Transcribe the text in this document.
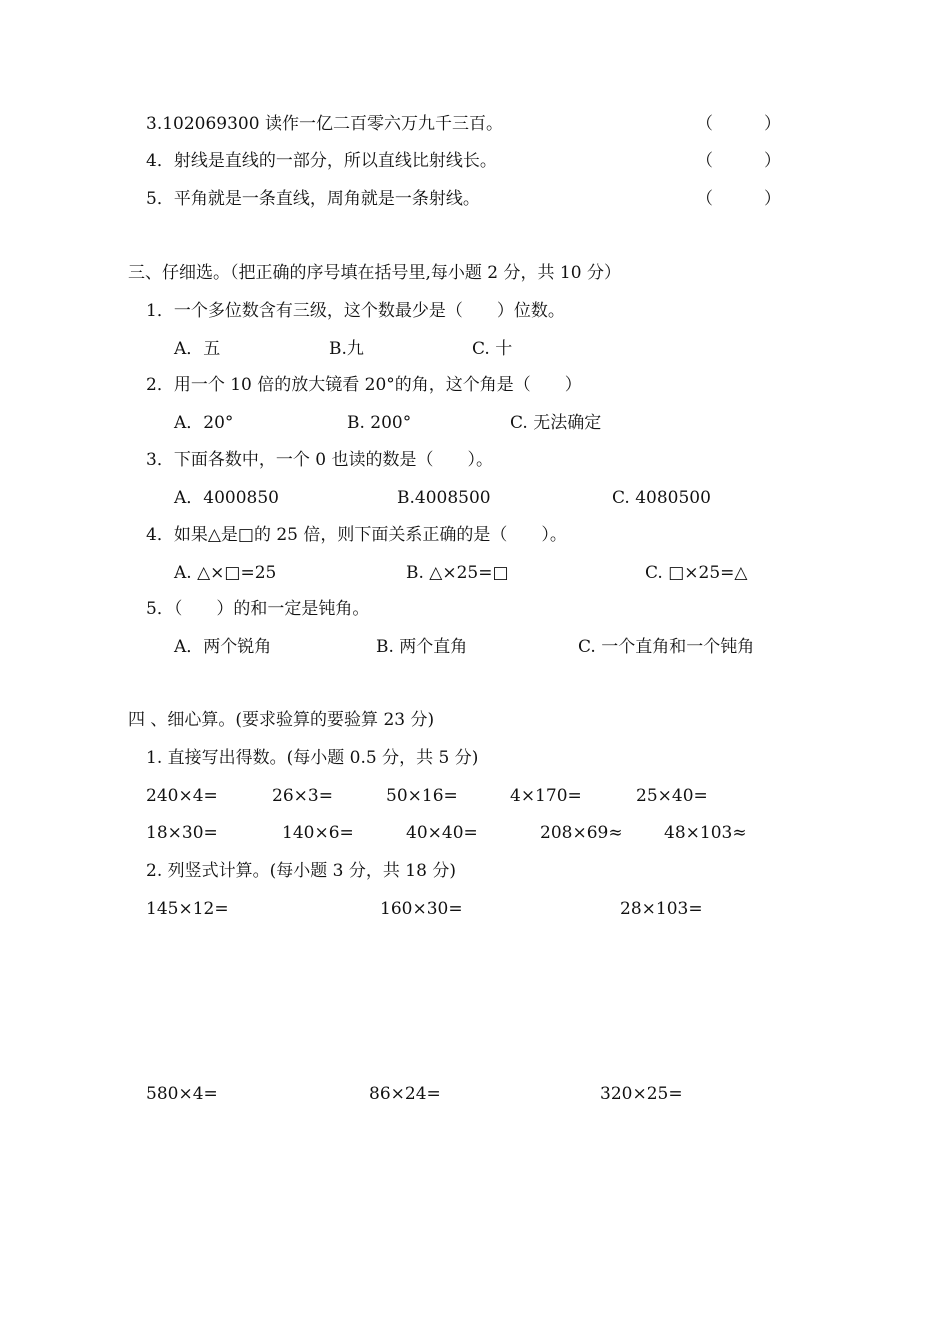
3.102069300 读作一亿二百零六万九千三百。	（　　　）
4．射线是直线的一部分，所以直线比射线长。	（　　　）
5．平角就是一条直线，周角就是一条射线。	（　　　）
三、仔细选。（把正确的序号填在括号里,每小题 2 分，共 10 分）
1．一个多位数含有三级，这个数最少是（　　）位数。
A．五	B.九	C. 十
2．用一个 10 倍的放大镜看 20°的角，这个角是（　　）
A．20°	B. 200°	C. 无法确定
3．下面各数中，一个 0 也读的数是（　　）。
A．4000850	B.4008500	C. 4080500
4．如果△是□的 25 倍，则下面关系正确的是（　　）。
A. △×□=25	B. △×25=□	C. □×25=△
5．（　　）的和一定是钝角。
A．两个锐角	B. 两个直角	C. 一个直角和一个钝角
四 、细心算。(要求验算的要验算 23 分)
1. 直接写出得数。(每小题 0.5 分，共 5 分)
240×4=	26×3=	50×16=	4×170=	25×40=
18×30=	140×6=	40×40=	208×69≈ 48×103≈
2. 列竖式计算。(每小题 3 分，共 18 分)
145×12=	160×30=	28×103=
580×4=	86×24=	320×25=
